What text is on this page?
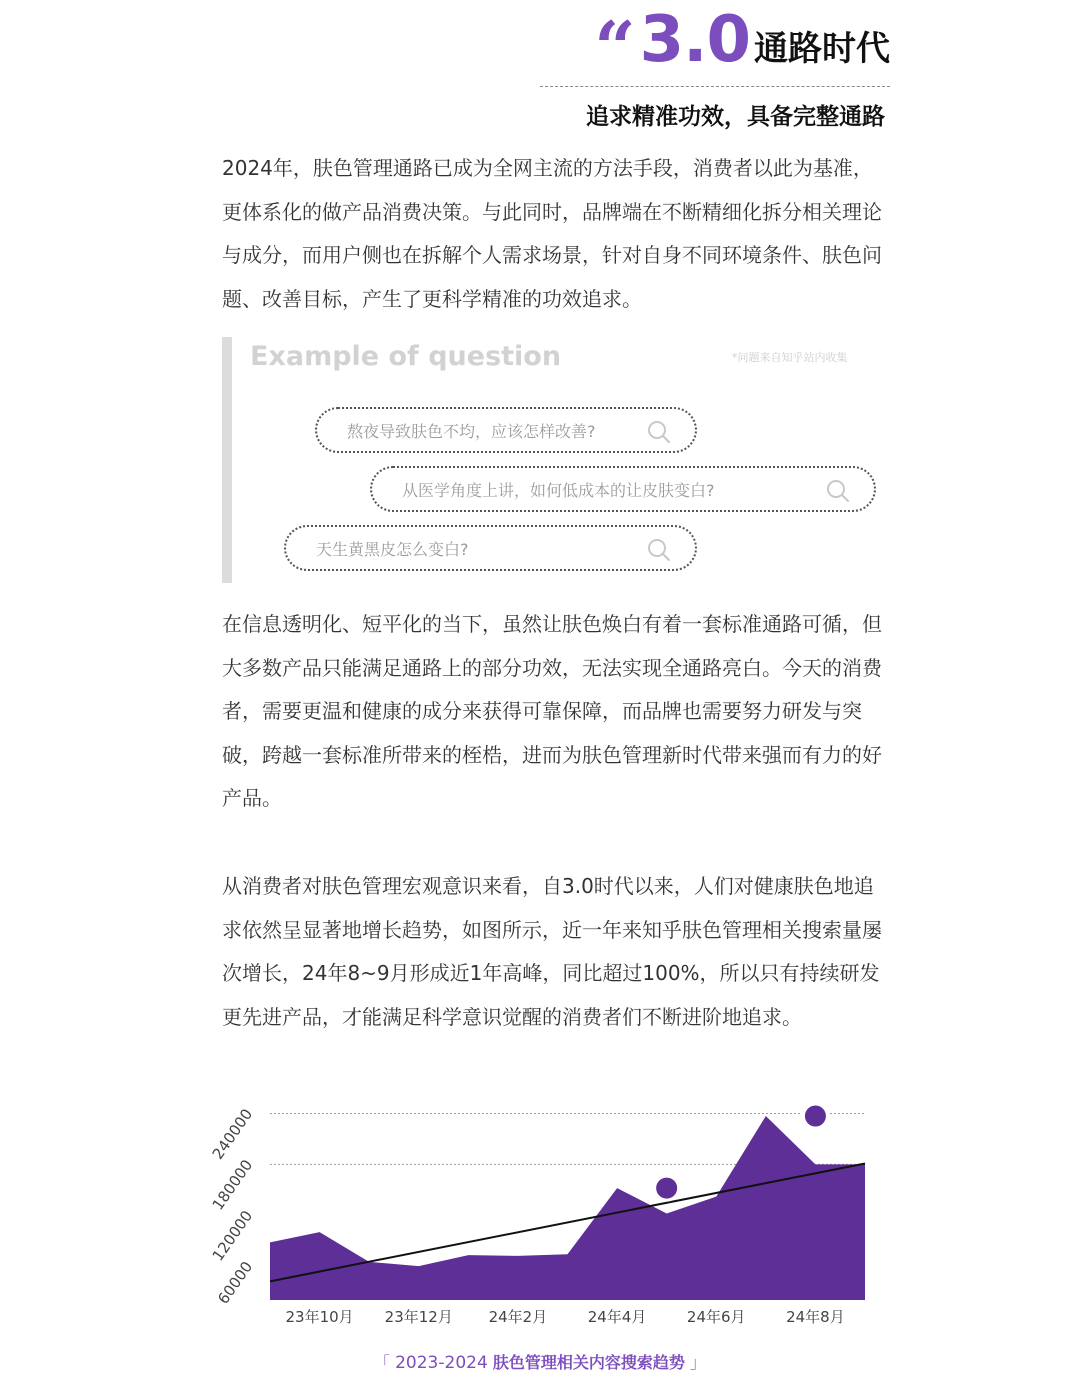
“ 3.0 通路时代
追求精准功效，具备完整通路

2024年，肤色管理通路已成为全网主流的方法手段，消费者以此为基准，更体系化的做产品消费决策。与此同时，品牌端在不断精细化拆分相关理论与成分，而用户侧也在拆解个人需求场景，针对自身不同环境条件、肤色问题、改善目标，产生了更科学精准的功效追求。

Example of question	*问题来自知乎站内收集
熬夜导致肤色不均，应该怎样改善?
从医学角度上讲，如何低成本的让皮肤变白?
天生黄黑皮怎么变白?

在信息透明化、短平化的当下，虽然让肤色焕白有着一套标准通路可循，但大多数产品只能满足通路上的部分功效，无法实现全通路亮白。今天的消费者，需要更温和健康的成分来获得可靠保障，而品牌也需要努力研发与突破，跨越一套标准所带来的桎梏，进而为肤色管理新时代带来强而有力的好产品。

从消费者对肤色管理宏观意识来看，自3.0时代以来，人们对健康肤色地追求依然呈显著地增长趋势，如图所示，近一年来知乎肤色管理相关搜索量屡次增长，24年8~9月形成近1年高峰，同比超过100%，所以只有持续研发更先进产品，才能满足科学意识觉醒的消费者们不断进阶地追求。

60000
120000
180000
240000
23年10月 23年12月 24年2月	24年4月	24年6月	24年8月
「 2023-2024 肤色管理相关内容搜索趋势 」
